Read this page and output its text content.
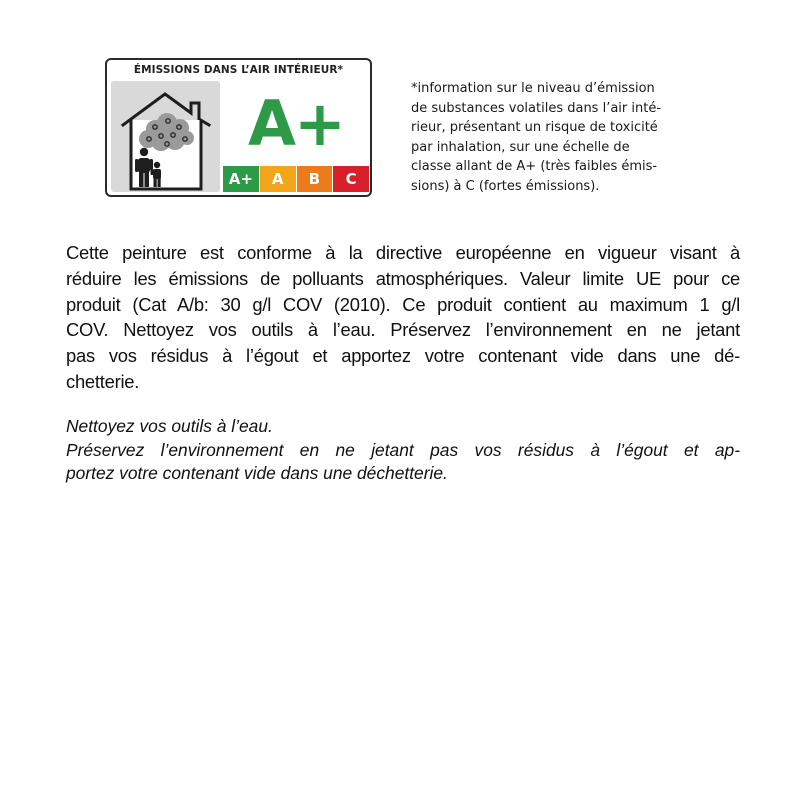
ÉMISSIONS DANS L’AIR INTÉRIEUR*
A+
A+	A	B	C
*information sur le niveau d’émission
de substances volatiles dans l’air inté-
rieur, présentant un risque de toxicité
par inhalation, sur une échelle de
classe allant de A+ (très faibles émis-
sions) à C (fortes émissions).
Cette peinture est conforme à la directive européenne en vigueur visant à
réduire les émissions de polluants atmosphériques. Valeur limite UE pour ce
produit (Cat A/b: 30 g/l COV (2010). Ce produit contient au maximum 1 g/l
COV. Nettoyez vos outils à l’eau. Préservez l’environnement en ne jetant
pas vos résidus à l’égout et apportez votre contenant vide dans une dé-
chetterie.
Nettoyez vos outils à l’eau.
Préservez l’environnement en ne jetant pas vos résidus à l’égout et ap-
portez votre contenant vide dans une déchetterie.
